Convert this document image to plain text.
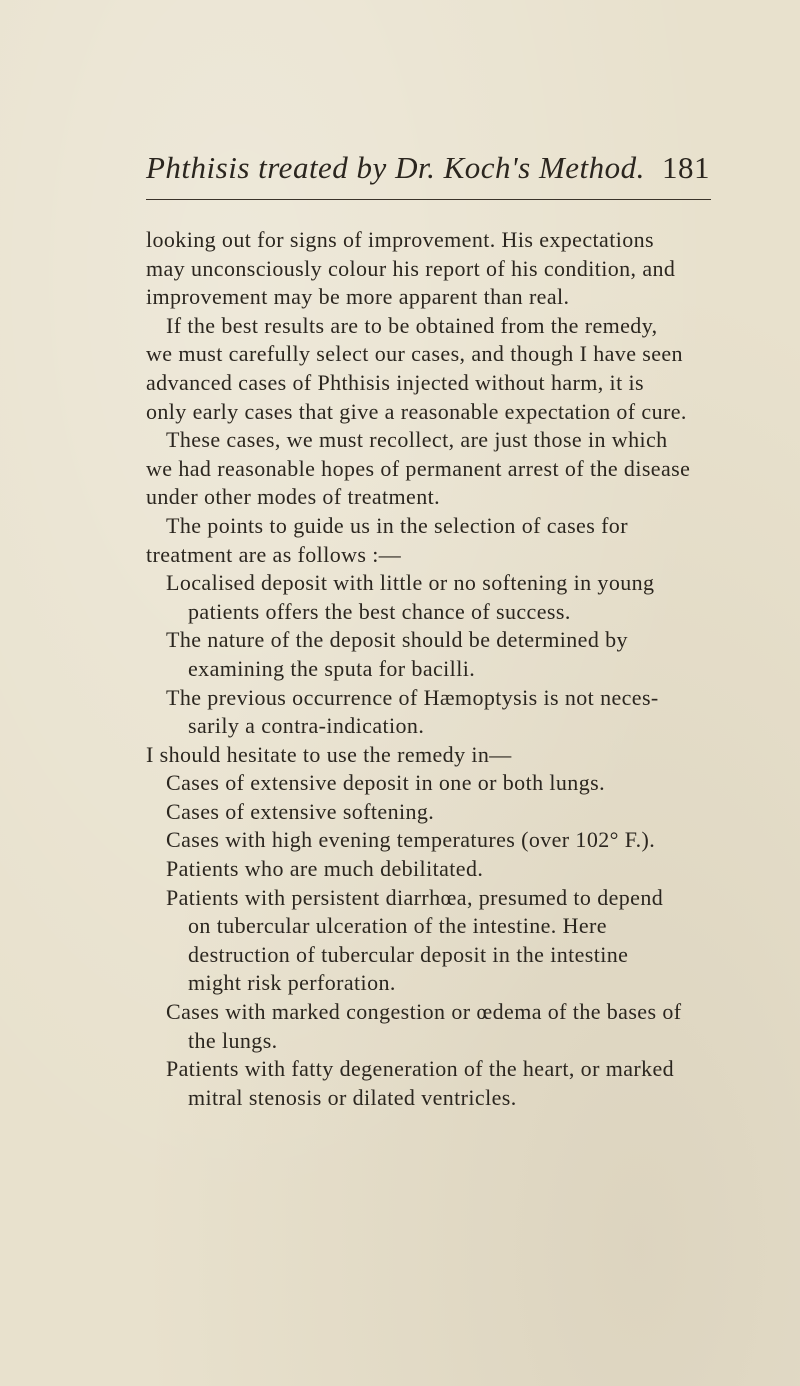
Phthisis treated by Dr. Koch's Method. 181
looking out for signs of improvement. His expectations
may unconsciously colour his report of his condition, and
improvement may be more apparent than real.
If the best results are to be obtained from the remedy,
we must carefully select our cases, and though I have seen
advanced cases of Phthisis injected without harm, it is
only early cases that give a reasonable expectation of cure.
These cases, we must recollect, are just those in which
we had reasonable hopes of permanent arrest of the disease
under other modes of treatment.
The points to guide us in the selection of cases for
treatment are as follows :—
Localised deposit with little or no softening in young
patients offers the best chance of success.
The nature of the deposit should be determined by
examining the sputa for bacilli.
The previous occurrence of Hæmoptysis is not neces-
sarily a contra-indication.
I should hesitate to use the remedy in—
Cases of extensive deposit in one or both lungs.
Cases of extensive softening.
Cases with high evening temperatures (over 102° F.).
Patients who are much debilitated.
Patients with persistent diarrhœa, presumed to depend
on tubercular ulceration of the intestine. Here
destruction of tubercular deposit in the intestine
might risk perforation.
Cases with marked congestion or œdema of the bases of
the lungs.
Patients with fatty degeneration of the heart, or marked
mitral stenosis or dilated ventricles.
